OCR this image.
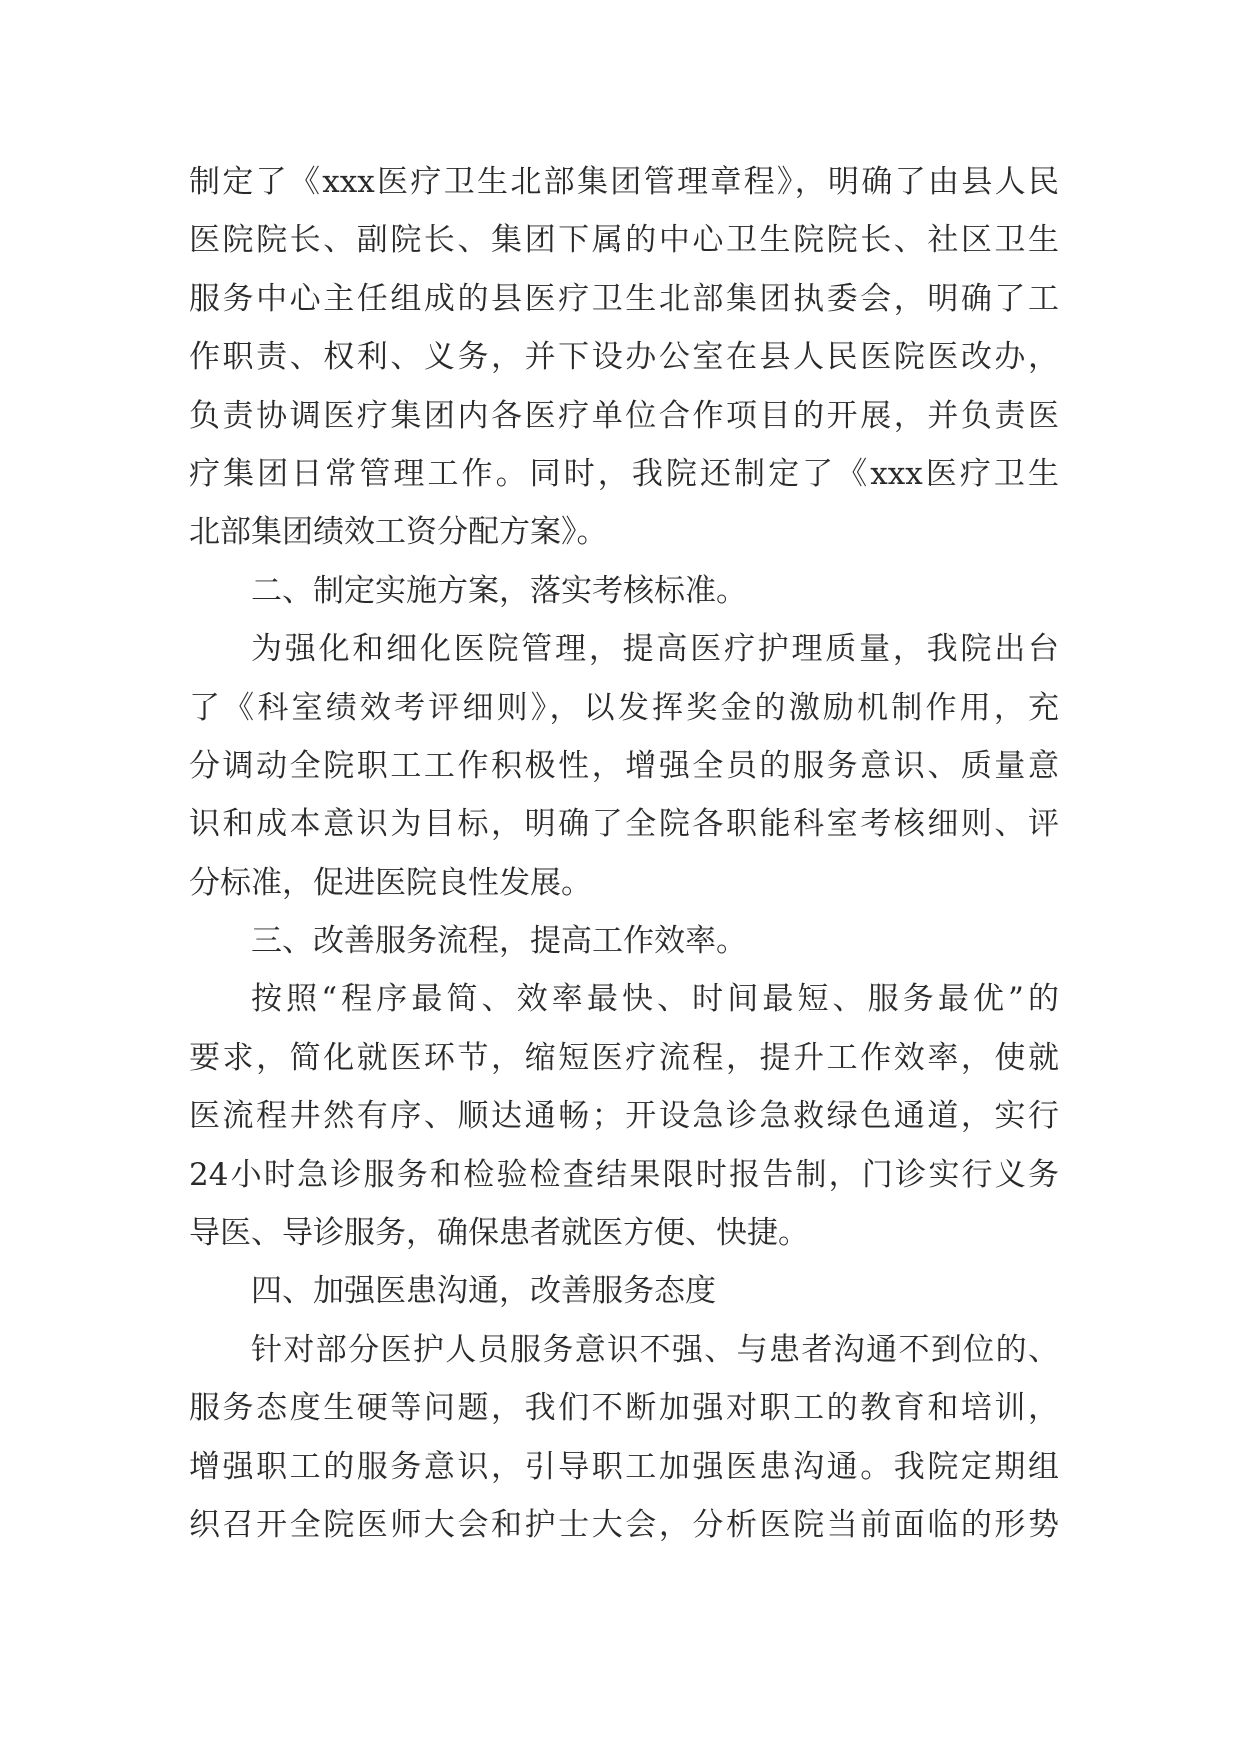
制定了《xxx医疗卫生北部集团管理章程》，明确了由县人民
医院院长、副院长、集团下属的中心卫生院院长、社区卫生
服务中心主任组成的县医疗卫生北部集团执委会，明确了工
作职责、权利、义务，并下设办公室在县人民医院医改办，
负责协调医疗集团内各医疗单位合作项目的开展，并负责医
疗集团日常管理工作。同时，我院还制定了《xxx医疗卫生
北部集团绩效工资分配方案》。
二、制定实施方案，落实考核标准。
为强化和细化医院管理，提高医疗护理质量，我院出台
了《科室绩效考评细则》，以发挥奖金的激励机制作用，充
分调动全院职工工作积极性，增强全员的服务意识、质量意
识和成本意识为目标，明确了全院各职能科室考核细则、评
分标准，促进医院良性发展。
三、改善服务流程，提高工作效率。
按照“程序最简、效率最快、时间最短、服务最优”的
要求，简化就医环节，缩短医疗流程，提升工作效率，使就
医流程井然有序、顺达通畅；开设急诊急救绿色通道，实行
24小时急诊服务和检验检查结果限时报告制，门诊实行义务
导医、导诊服务，确保患者就医方便、快捷。
四、加强医患沟通，改善服务态度
针对部分医护人员服务意识不强、与患者沟通不到位的、
服务态度生硬等问题，我们不断加强对职工的教育和培训，
增强职工的服务意识，引导职工加强医患沟通。我院定期组
织召开全院医师大会和护士大会，分析医院当前面临的形势
